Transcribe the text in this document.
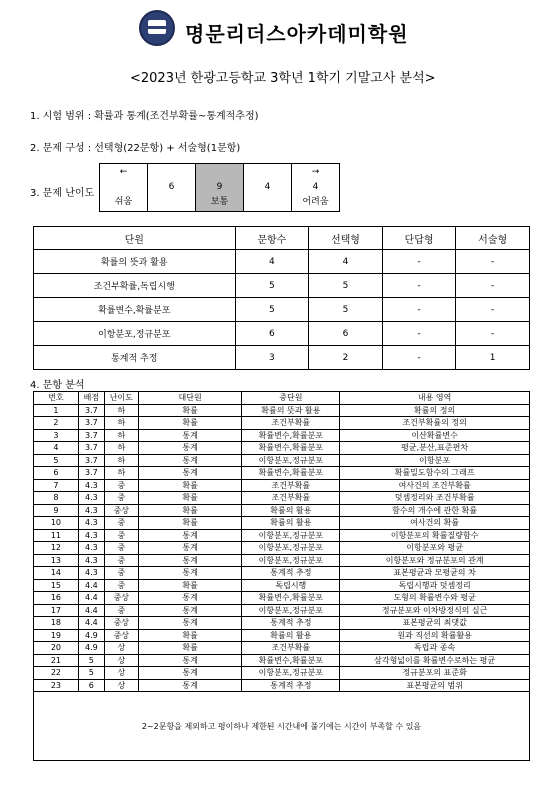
명문리더스아카데미학원
<2023년 한광고등학교 3학년 1학기 기말고사 분석>
1. 시험 범위 : 확률과 통계(조건부확률~통계적추정)
2. 문제 구성 : 선택형(22문항) + 서술형(1문항)
3. 문제 난이도
←
쉬움

6	9
보통

4

→
4
어려움
단원	문항수	선택형	단답형	서술형
확률의 뜻과 활용	4	4	-	-
조건부확률,독립시행	5	5	-	-
확률변수,확률분포	5	5	-	-
이항분포,정규분포	6	6	-	-
통계적 추정	3	2	-	1
4. 문항 분석
번호	배점	난이도	대단원	중단원	내용 영역
1	3.7	하	확률	확률의 뜻과 활용	확률의 정의
2	3.7	하	확률	조건부확률	조건부확률의 정의
3	3.7	하	통계	확률변수,확률분포	이산확률변수
4	3.7	하	통계	확률변수,확률분포	평균,분산,표준편차
5	3.7	하	통계	이항분포,정규분포	이항분포
6	3.7	하	통계	확률변수,확률분포	확률밀도함수의 그래프
7	4.3	중	확률	조건부확률	여사건의 조건부확률
8	4.3	중	확률	조건부확률	덧셈정리와 조건부확률
9	4.3	중상	확률	확률의 활용	함수의 개수에 관한 확률
10	4.3	중	확률	확률의 활용	여사건의 확률
11	4.3	중	통계	이항분포,정규분포	이항분포의 확률질량함수
12	4.3	중	통계	이항분포,정규분포	이항분포와 평균
13	4.3	중	통계	이항분포,정규분포	이항분포와 정규분포의 관계
14	4.3	중	통계	통계적 추정	표본평균과 모평균의 차
15	4.4	중	확률	독립시행	독립시행과 덧셈정리
16	4.4	중상	통계	확률변수,확률분포	도형의 확률변수와 평균
17	4.4	중	통계	이항분포,정규분포	정규분포와 이차방정식의 실근
18	4.4	중상	통계	통계적 추정	표본평균의 최댓값
19	4.9	중상	확률	확률의 활용	원과 직선의 확률활용
20	4.9	상	확률	조건부확률	독립과 종속
21	5	상	통계	확률변수,확률분포	삼각형넓이를 확률변수로하는 평균
22	5	상	통계	이항분포,정규분포	정규분포의 표준화
23	6	상	통계	통계적 추정	표본평균의 범위
2~2문항을 제외하고 평이하나 제한된 시간내에 풀기에는 시간이 부족할 수 있음					
